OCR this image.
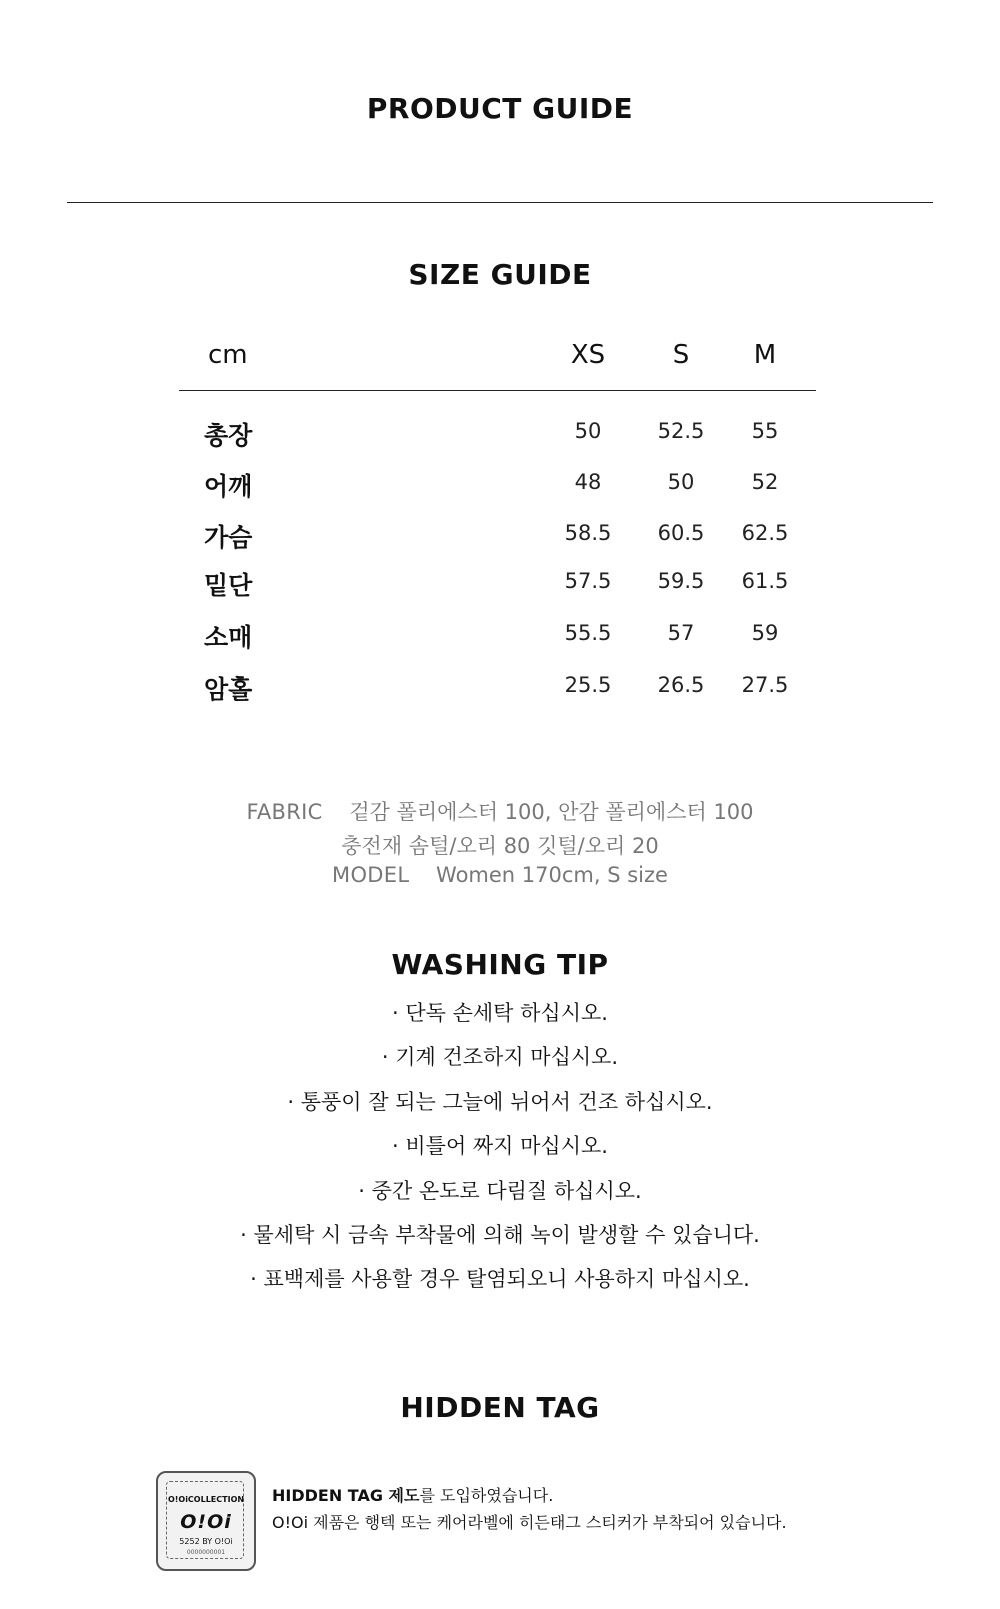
PRODUCT GUIDE
SIZE GUIDE
cm	XS	S	M
총장	50	52.5	55
어깨	48	50	52
가슴	58.5	60.5	62.5
밑단	57.5	59.5	61.5
소매	55.5	57	59
암홀	25.5	26.5	27.5
FABRIC 겉감 폴리에스터 100, 안감 폴리에스터 100
충전재 솜털/오리 80 깃털/오리 20
MODEL Women 170cm, S size
WASHING TIP
· 단독 손세탁 하십시오.
· 기계 건조하지 마십시오.
· 통풍이 잘 되는 그늘에 뉘어서 건조 하십시오.
· 비틀어 짜지 마십시오.
· 중간 온도로 다림질 하십시오.
· 물세탁 시 금속 부착물에 의해 녹이 발생할 수 있습니다.
· 표백제를 사용할 경우 탈염되오니 사용하지 마십시오.
HIDDEN TAG
O!OiCOLLECTION
O!Oi
5252 BY O!Oi
0000000001
HIDDEN TAG 제도를 도입하였습니다.
O!Oi 제품은 행텍 또는 케어라벨에 히든태그 스티커가 부착되어 있습니다.
